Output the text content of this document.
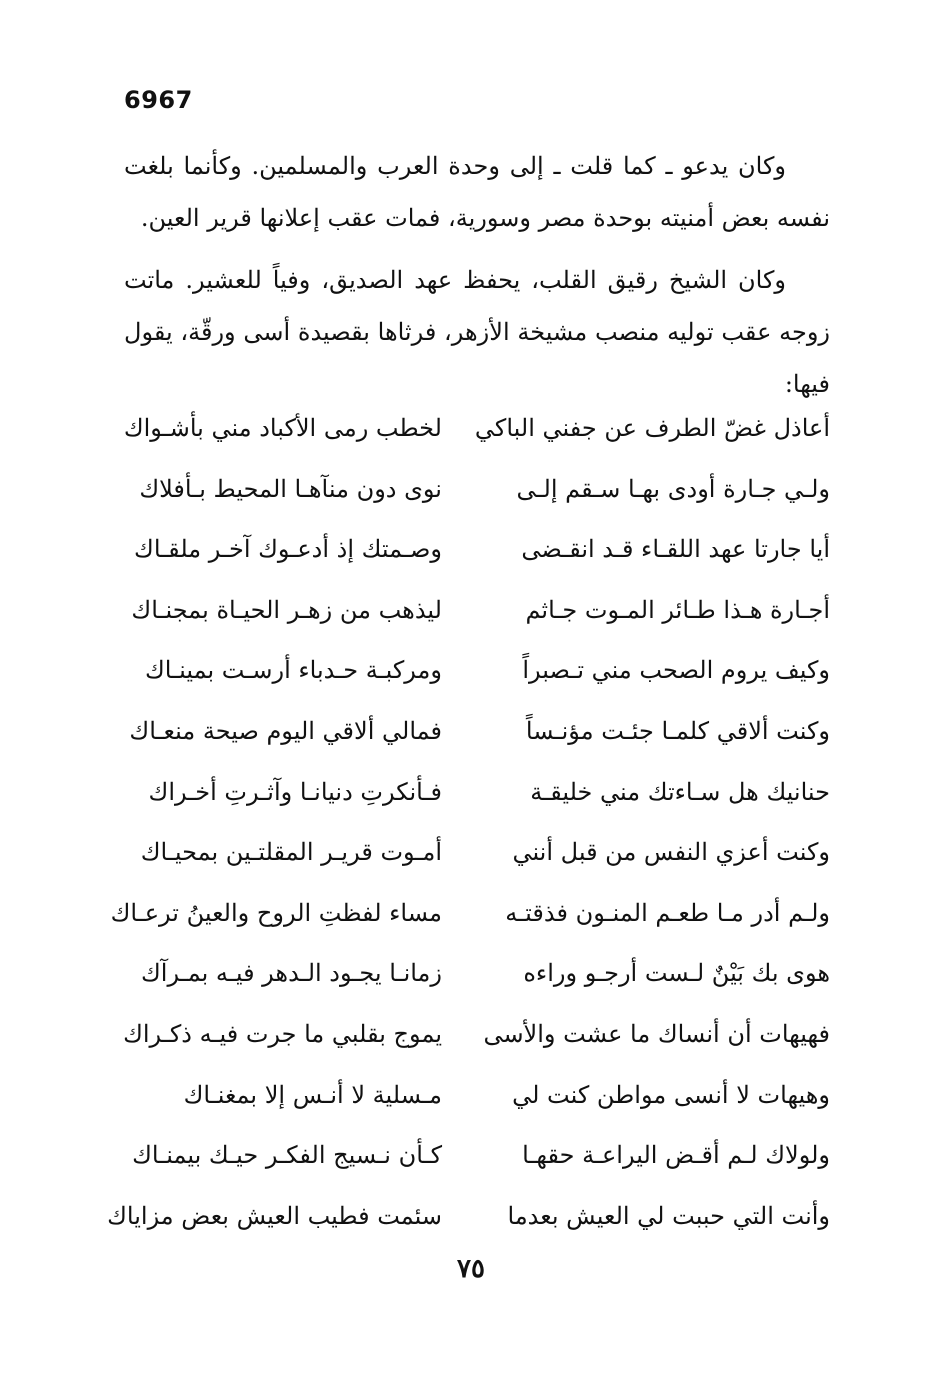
6967

وكان يدعو ـ كما قلت ـ إلى وحدة العرب والمسلمين. وكأنما بلغت نفسه بعض أمنيته بوحدة مصر وسورية، فمات عقب إعلانها قرير العين.

وكان الشيخ رقيق القلب، يحفظ عهد الصديق، وفياً للعشير. ماتت زوجه عقب توليه منصب مشيخة الأزهر، فرثاها بقصيدة أسى ورقّة، يقول فيها:

أعاذل غضّ الطرف عن جفني الباكي
لخطب رمى الأكباد مني بأشـواك
ولـي جـارة أودى بهـا سـقم إلـى
نوى دون منآهـا المحيط بـأفلاك
أيا جارتا عهد اللقـاء قـد انقـضى
وصـمتك إذ أدعـوك آخـر ملقـاك
أجـارة هـذا طـائر المـوت جـاثم
ليذهب من زهـر الحيـاة بمجنـاك
وكيف يروم الصحب مني تـصبراً
ومركبـة حـدباء أرسـت بمينـاك
وكنت ألاقي كلمـا جئـت مؤنـساً
فمالي ألاقي اليوم صيحة منعـاك
حنانيك هل سـاءتك مني خليقـة
فـأنكرتِ دنيانـا وآثـرتِ أخـراك
وكنت أعزي النفس من قبل أنني
أمـوت قريـر المقلتـين بمحيـاك
ولـم أدر مـا طعـم المنـون فذقتـه
مساء لفظتِ الروح والعينُ ترعـاك
هوى بك بَيْنٌ لـست أرجـو وراءه
زمانـا يجـود الـدهر فيـه بمـرآك
فهيهات أن أنساك ما عشت والأسى
يموج بقلبي ما جرت فيـه ذكـراك
وهيهات لا أنسى مواطن كنت لي
مـسلية لا أنـس إلا بمغنـاك
ولولاك لـم أقـض اليراعـة حقهـا
كـأن نـسيج الفكـر حيـك بيمنـاك
وأنت التي حببت لي العيش بعدما
سئمت فطيب العيش بعض مزاياك
٧٥
